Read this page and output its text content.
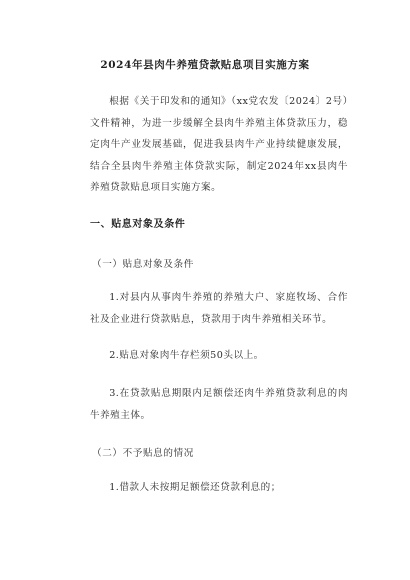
2024年县肉牛养殖贷款贴息项目实施方案
根据《关于印发和的通知》（xx党农发〔2024〕2号）文件精神，为进一步缓解全县肉牛养殖主体贷款压力，稳定肉牛产业发展基础，促进我县肉牛产业持续健康发展，结合全县肉牛养殖主体贷款实际，制定2024年xx县肉牛养殖贷款贴息项目实施方案。
一、贴息对象及条件
（一）贴息对象及条件
1.对县内从事肉牛养殖的养殖大户、家庭牧场、合作社及企业进行贷款贴息，贷款用于肉牛养殖相关环节。
2.贴息对象肉牛存栏须50头以上。
3.在贷款贴息期限内足额偿还肉牛养殖贷款利息的肉牛养殖主体。
（二）不予贴息的情况
1.借款人未按期足额偿还贷款利息的；
